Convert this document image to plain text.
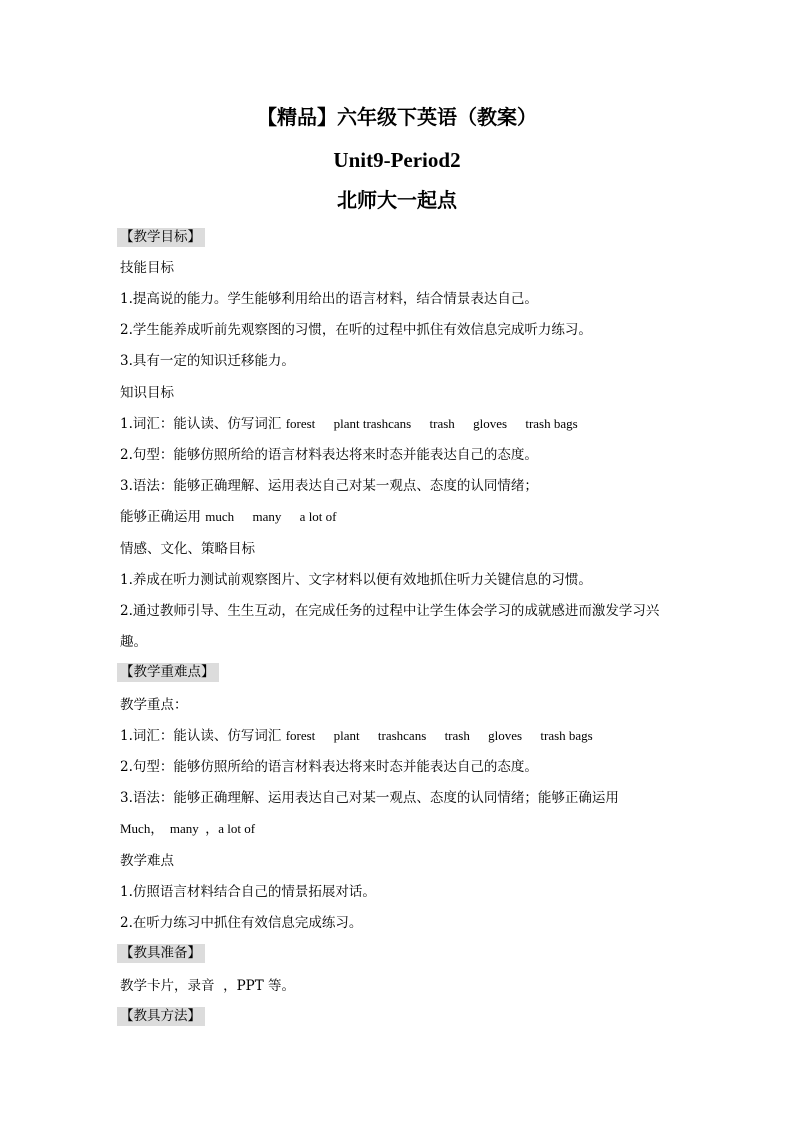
【精品】六年级下英语（教案）
Unit9-Period2
北师大一起点
【教学目标】
技能目标
1.提高说的能力。学生能够利用给出的语言材料，结合情景表达自己。
2.学生能养成听前先观察图的习惯，在听的过程中抓住有效信息完成听力练习。
3.具有一定的知识迁移能力。
知识目标
1.词汇：能认读、仿写词汇 forest plant trashcans trash gloves trash bags
2.句型：能够仿照所给的语言材料表达将来时态并能表达自己的态度。
3.语法：能够正确理解、运用表达自己对某一观点、态度的认同情绪；
能够正确运用 much many a lot of
情感、文化、策略目标
1.养成在听力测试前观察图片、文字材料以便有效地抓住听力关键信息的习惯。
2.通过教师引导、生生互动，在完成任务的过程中让学生体会学习的成就感进而激发学习兴
趣。
【教学重难点】
教学重点：
1.词汇：能认读、仿写词汇 forest plant trashcans trash gloves trash bags
2.句型：能够仿照所给的语言材料表达将来时态并能表达自己的态度。
3.语法：能够正确理解、运用表达自己对某一观点、态度的认同情绪；能够正确运用
Much，  many  ，a lot of
教学难点
1.仿照语言材料结合自己的情景拓展对话。
2.在听力练习中抓住有效信息完成练习。
【教具准备】
教学卡片，录音  ，PPT 等。
【教具方法】
